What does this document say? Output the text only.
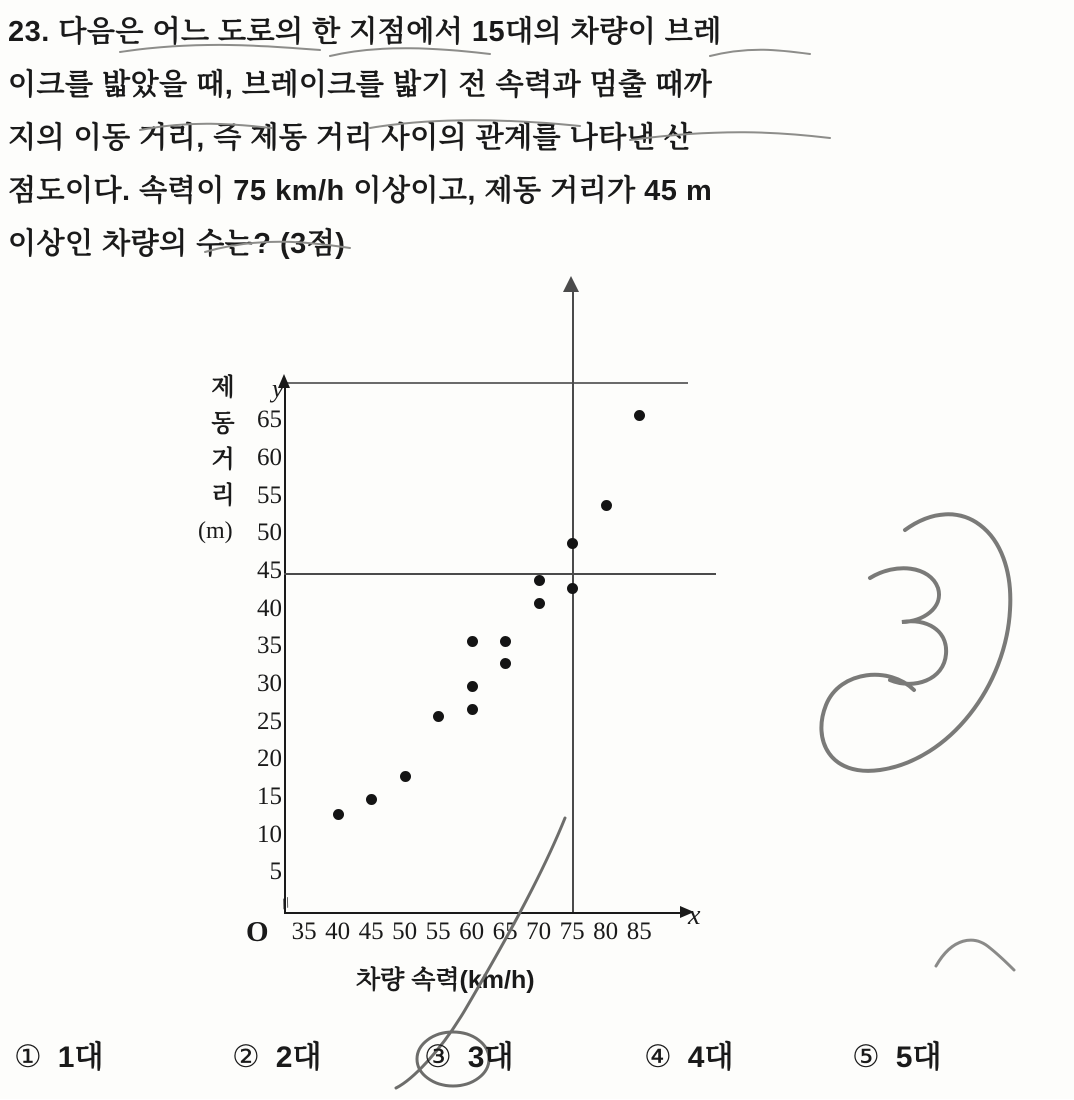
23. 다음은 어느 도로의 한 지점에서 15대의 차량이 브레
이크를 밟았을 때, 브레이크를 밟기 전 속력과 멈출 때까
지의 이동 거리, 즉 제동 거리 사이의 관계를 나타낸 산
점도이다. 속력이 75 km/h 이상이고, 제동 거리가 45 m
이상인 차량의 수는? (3점)
제
동
거
리
(m)
//
y
x
O
5
10
15
20
25
30
35
40
45
50
55
60
65
35 40 45 50 55 60 65 70 75 80 85
차량 속력(km/h)
① 1대	② 2대	③ 3대	④ 4대	⑤ 5대
